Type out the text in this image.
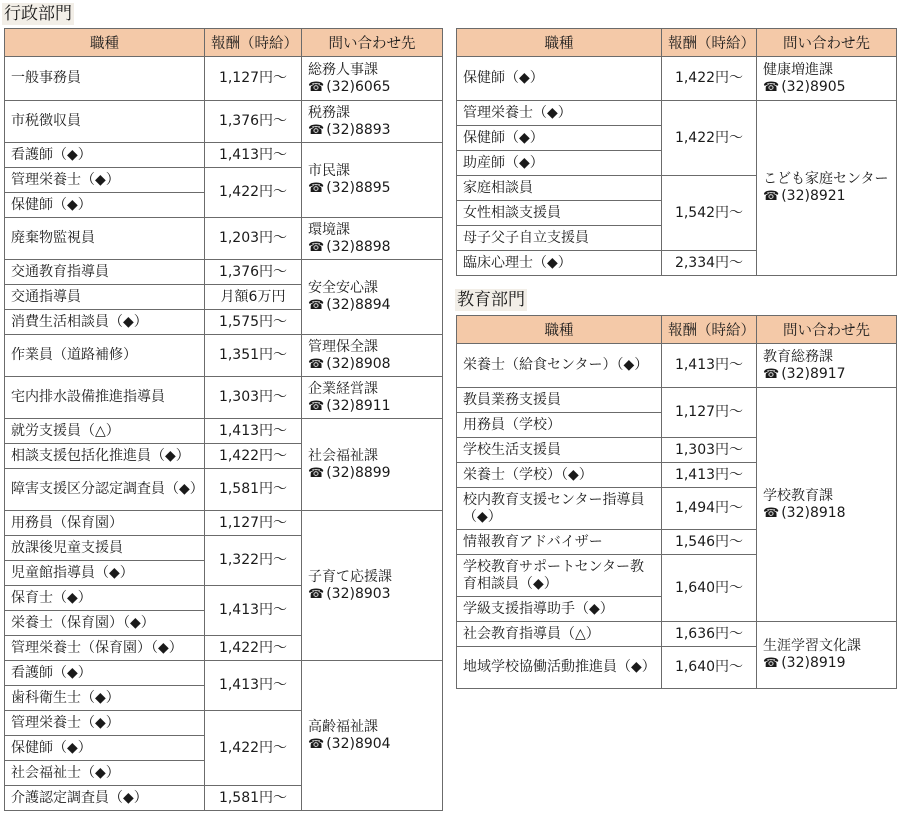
行政部門
教育部門
職種	報酬（時給）	問い合わせ先
一般事務員	1,127円～	総務人事課
☎ (32)6065

市税徴収員	1,376円～	税務課
☎ (32)8893

看護師（◆）	1,413円～	市民課
☎ (32)8895

管理栄養士（◆）	1,422円～	
保健師（◆）		
廃棄物監視員	1,203円～	環境課
☎ (32)8898

交通教育指導員	1,376円～	安全安心課
☎ (32)8894

交通指導員	月額6万円	
消費生活相談員（◆）	1,575円～	
作業員（道路補修）	1,351円～	管理保全課
☎ (32)8908

宅内排水設備推進指導員	1,303円～	企業経営課
☎ (32)8911

就労支援員（△）	1,413円～	社会福祉課
☎ (32)8899

相談支援包括化推進員（◆）	1,422円～	
障害支援区分認定調査員（◆）	1,581円～	
用務員（保育園）	1,127円～	子育て応援課
☎ (32)8903

放課後児童支援員	1,322円～	
児童館指導員（◆）		
保育士（◆）	1,413円～	
栄養士（保育園）（◆）		
管理栄養士（保育園）（◆）	1,422円～	
看護師（◆）	1,413円～	高齢福祉課
☎ (32)8904

歯科衛生士（◆）		
管理栄養士（◆）	1,422円～	
保健師（◆）		
社会福祉士（◆）		
介護認定調査員（◆）	1,581円～	
職種	報酬（時給）	問い合わせ先
保健師（◆）	1,422円～	健康増進課
☎ (32)8905

管理栄養士（◆）	1,422円～	こども家庭センター
☎ (32)8921

保健師（◆）		
助産師（◆）		
家庭相談員	1,542円～	
女性相談支援員		
母子父子自立支援員		
臨床心理士（◆）	2,334円～	
職種	報酬（時給）	問い合わせ先
栄養士（給食センター）（◆）	1,413円～	教育総務課
☎ (32)8917

教員業務支援員	1,127円～	学校教育課
☎ (32)8918

用務員（学校）		
学校生活支援員	1,303円～	
栄養士（学校）（◆）	1,413円～	
校内教育支援センター指導員（◆）	1,494円～	
情報教育アドバイザー	1,546円～	
学校教育サポートセンター教育相談員（◆）	1,640円～	
学級支援指導助手（◆）		
社会教育指導員（△）	1,636円～	生涯学習文化課
☎ (32)8919

地域学校協働活動推進員（◆）	1,640円～	
